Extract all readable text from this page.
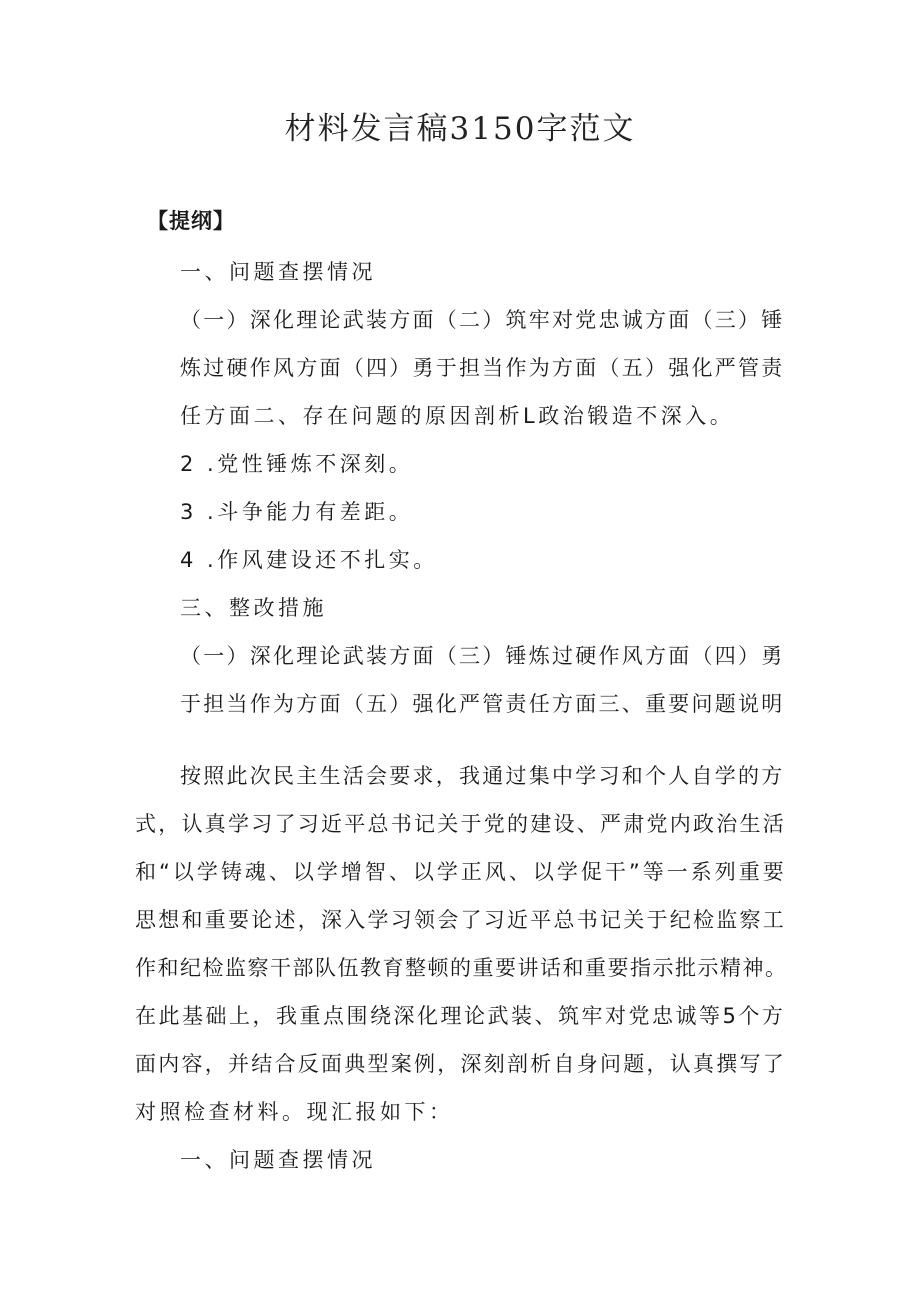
材料发言稿3150字范文
【提纲】
一、问题查摆情况
（一）深化理论武装方面（二）筑牢对党忠诚方面（三）锤
炼过硬作风方面（四）勇于担当作为方面（五）强化严管责
任方面二、存在问题的原因剖析L政治锻造不深入。
2 .党性锤炼不深刻。
3 .斗争能力有差距。
4 .作风建设还不扎实。
三、整改措施
（一）深化理论武装方面（三）锤炼过硬作风方面（四）勇
于担当作为方面（五）强化严管责任方面三、重要问题说明
按照此次民主生活会要求，我通过集中学习和个人自学的方
式，认真学习了习近平总书记关于党的建设、严肃党内政治生活
和“以学铸魂、以学增智、以学正风、以学促干”等一系列重要
思想和重要论述，深入学习领会了习近平总书记关于纪检监察工
作和纪检监察干部队伍教育整顿的重要讲话和重要指示批示精神。
在此基础上，我重点围绕深化理论武装、筑牢对党忠诚等5个方
面内容，并结合反面典型案例，深刻剖析自身问题，认真撰写了
对照检查材料。现汇报如下：
一、问题查摆情况
